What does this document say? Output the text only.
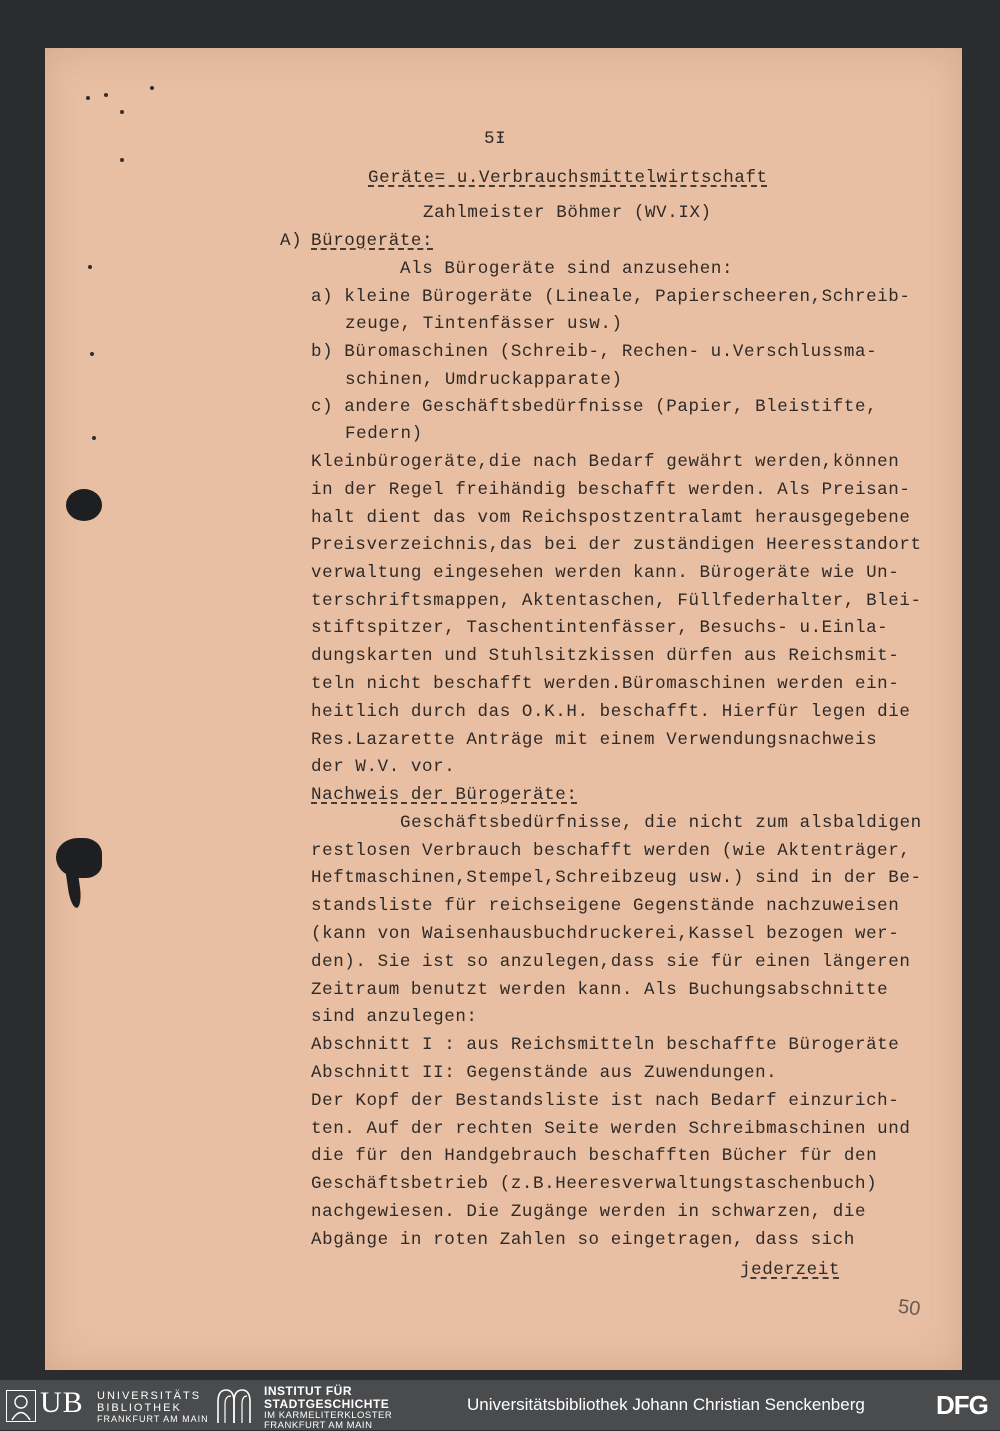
5Ɨ
Geräte= u.Verbrauchsmittelwirtschaft
Zahlmeister Böhmer (WV.IX)
A) Bürogeräte:
Als Bürogeräte sind anzusehen:
a) kleine Bürogeräte (Lineale, Papierscheeren,Schreib-
zeuge, Tintenfässer usw.)
b) Büromaschinen (Schreib-, Rechen- u.Verschlussma-
schinen, Umdruckapparate)
c) andere Geschäftsbedürfnisse (Papier, Bleistifte,
Federn)
Kleinbürogeräte,die nach Bedarf gewährt werden,können
in der Regel freihändig beschafft werden. Als Preisan-
halt dient das vom Reichspostzentralamt herausgegebene
Preisverzeichnis,das bei der zuständigen Heeresstandort
verwaltung eingesehen werden kann. Bürogeräte wie Un-
terschriftsmappen, Aktentaschen, Füllfederhalter, Blei-
stiftspitzer, Taschentintenfässer, Besuchs- u.Einla-
dungskarten und Stuhlsitzkissen dürfen aus Reichsmit-
teln nicht beschafft werden.Büromaschinen werden ein-
heitlich durch das O.K.H. beschafft. Hierfür legen die
Res.Lazarette Anträge mit einem Verwendungsnachweis
der W.V. vor.
Nachweis der Bürogeräte:
Geschäftsbedürfnisse, die nicht zum alsbaldigen
restlosen Verbrauch beschafft werden (wie Aktenträger,
Heftmaschinen,Stempel,Schreibzeug usw.) sind in der Be-
standsliste für reichseigene Gegenstände nachzuweisen
(kann von Waisenhausbuchdruckerei,Kassel bezogen wer-
den). Sie ist so anzulegen,dass sie für einen längeren
Zeitraum benutzt werden kann. Als Buchungsabschnitte
sind anzulegen:
Abschnitt I : aus Reichsmitteln beschaffte Bürogeräte
Abschnitt II: Gegenstände aus Zuwendungen.
Der Kopf der Bestandsliste ist nach Bedarf einzurich-
ten. Auf der rechten Seite werden Schreibmaschinen und
die für den Handgebrauch beschafften Bücher für den
Geschäftsbetrieb (z.B.Heeresverwaltungstaschenbuch)
nachgewiesen. Die Zugänge werden in schwarzen, die
Abgänge in roten Zahlen so eingetragen, dass sich
jederzeit
50
UB UNIVERSITÄTS
BIBLIOTHEK
FRANKFURT AM MAIN
INSTITUT FÜR
STADTGESCHICHTE
IM KARMELITERKLOSTER
FRANKFURT AM MAIN
Universitätsbibliothek Johann Christian Senckenberg	DFG
